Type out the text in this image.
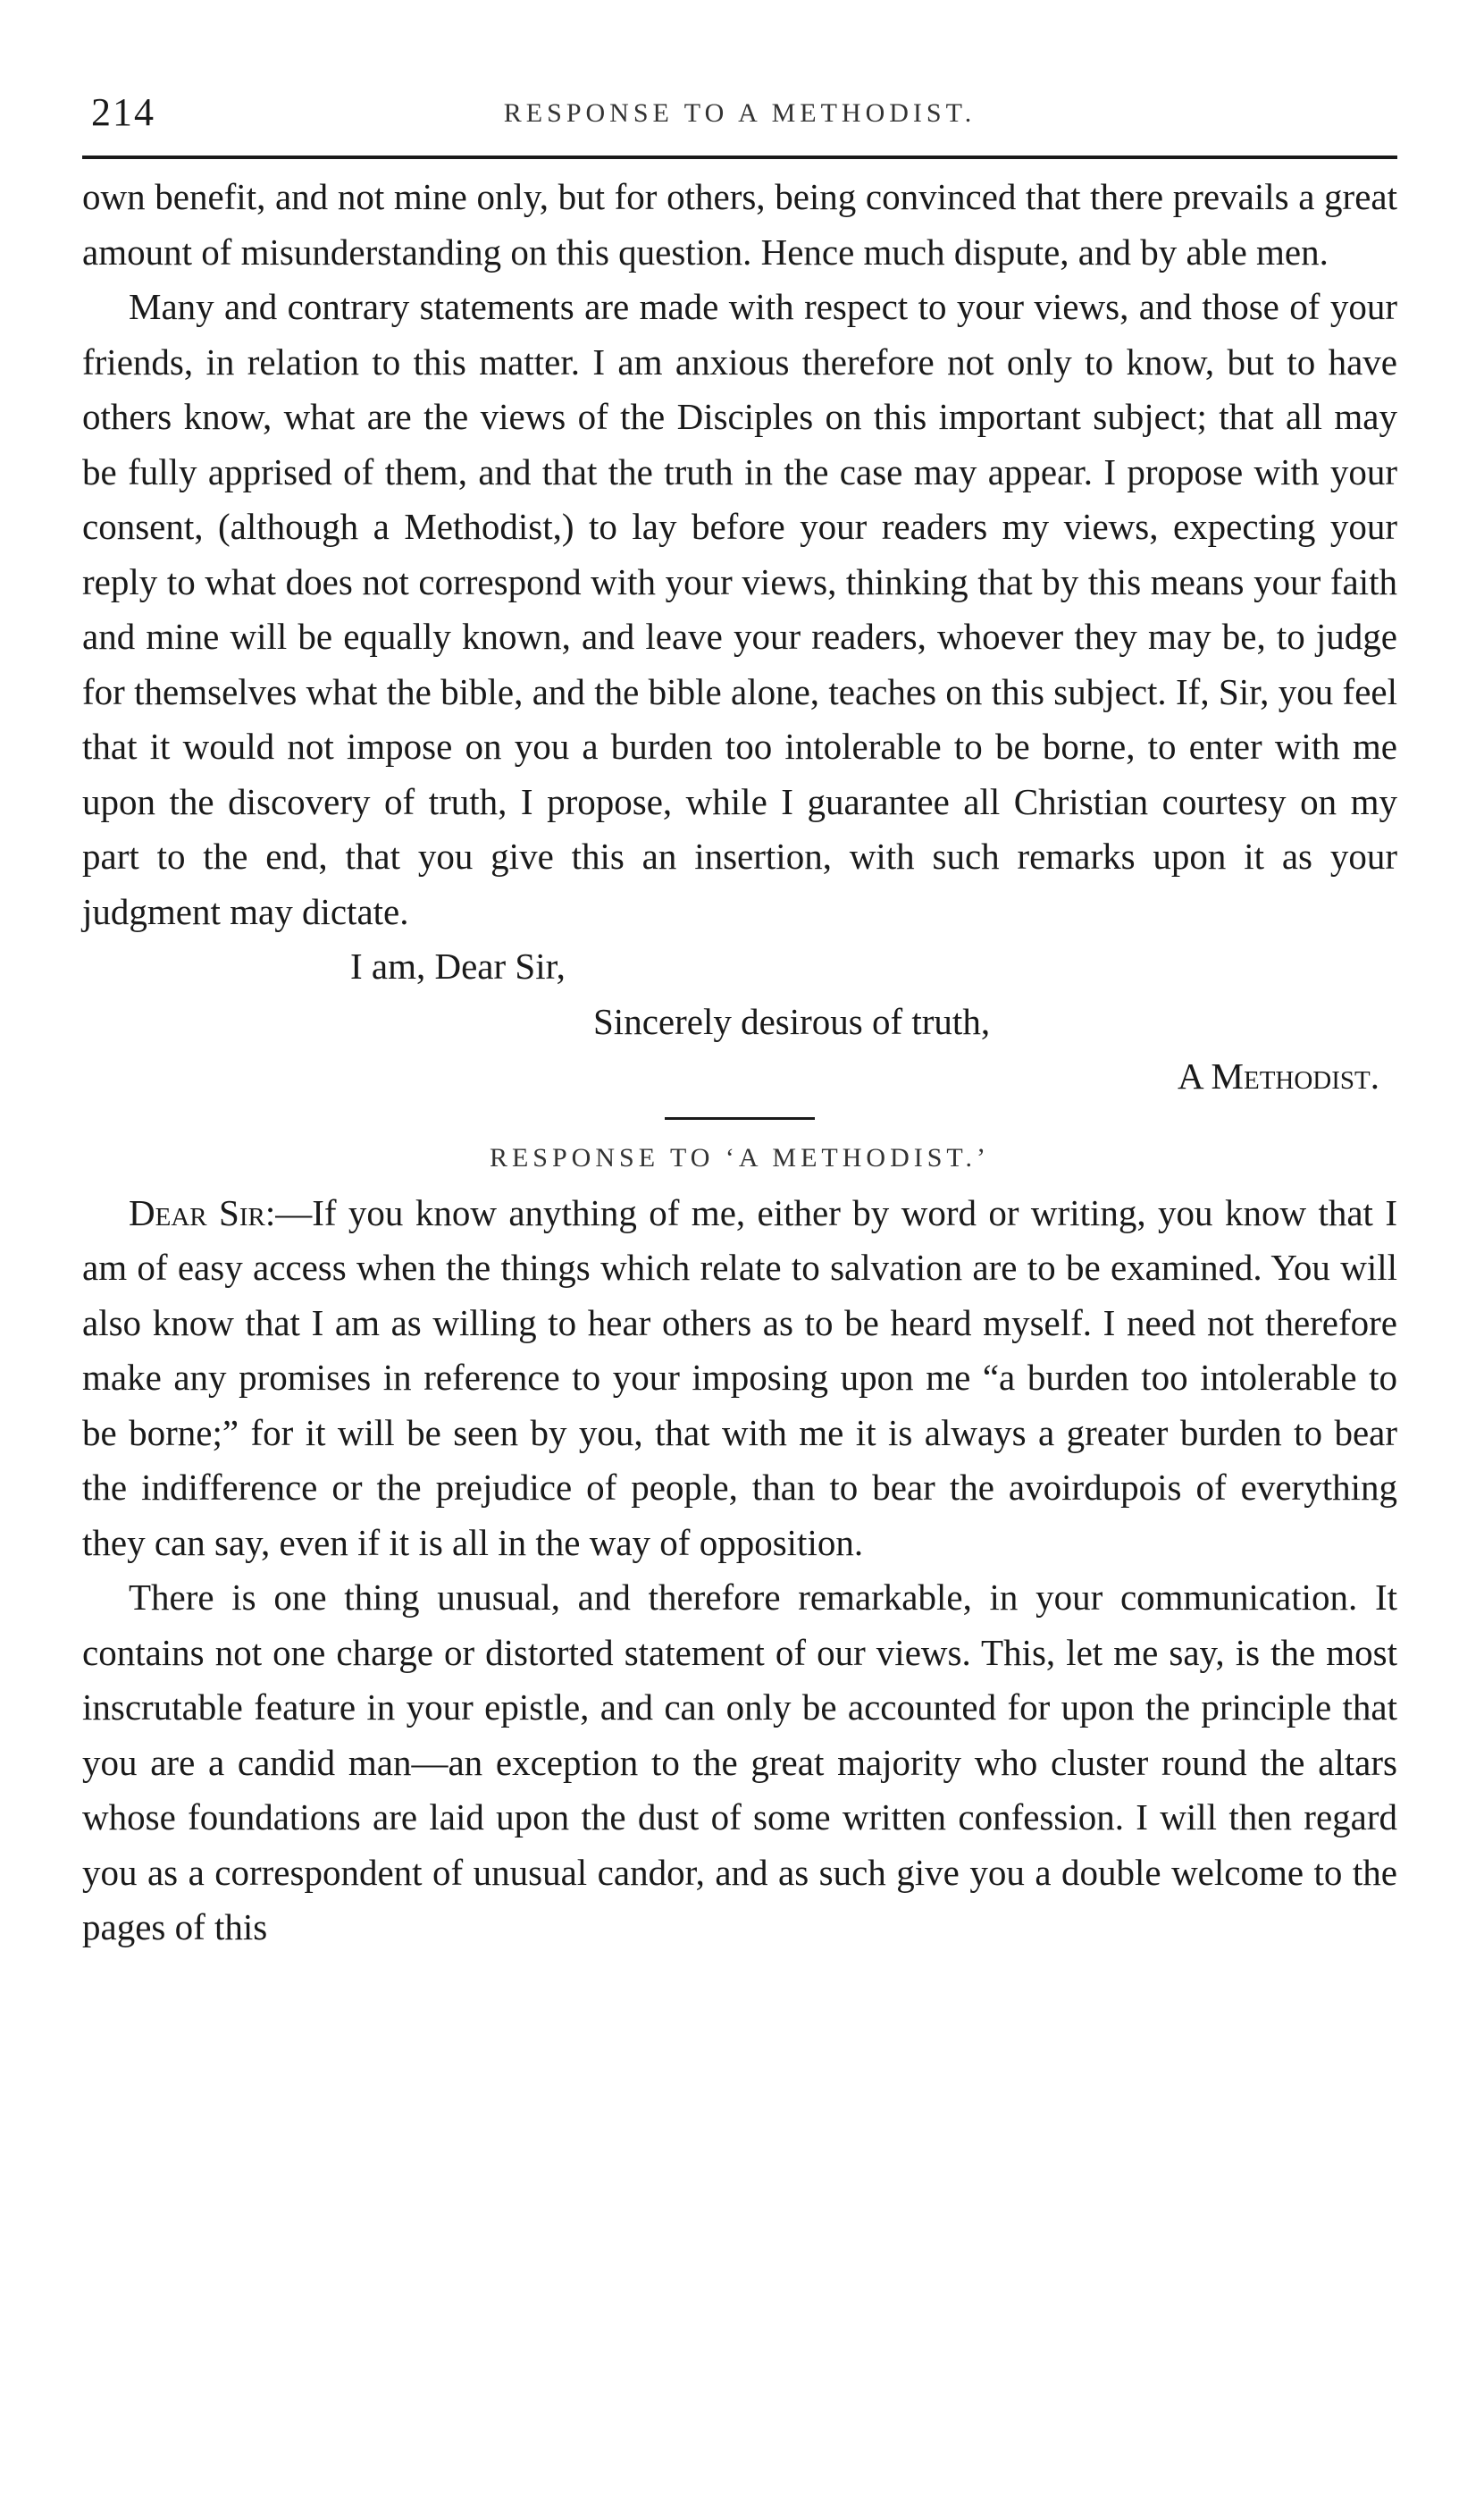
214	RESPONSE TO A METHODIST.

own benefit, and not mine only, but for others, being convinced that there prevails a great amount of misunderstanding on this question. Hence much dispute, and by able men.

Many and contrary statements are made with respect to your views, and those of your friends, in relation to this matter. I am anxious therefore not only to know, but to have others know, what are the views of the Disciples on this important subject; that all may be fully apprised of them, and that the truth in the case may appear. I propose with your consent, (although a Methodist,) to lay before your readers my views, expecting your reply to what does not correspond with your views, thinking that by this means your faith and mine will be equally known, and leave your readers, whoever they may be, to judge for themselves what the bible, and the bible alone, teaches on this subject. If, Sir, you feel that it would not impose on you a burden too intolerable to be borne, to enter with me upon the discovery of truth, I propose, while I guarantee all Christian courtesy on my part to the end, that you give this an insertion, with such remarks upon it as your judgment may dictate.

I am, Dear Sir,

Sincerely desirous of truth,

A Methodist.

RESPONSE TO ‘A METHODIST.’

Dear Sir:—If you know anything of me, either by word or writing, you know that I am of easy access when the things which relate to salvation are to be examined. You will also know that I am as willing to hear others as to be heard myself. I need not therefore make any promises in reference to your imposing upon me “a burden too intolerable to be borne;” for it will be seen by you, that with me it is always a greater burden to bear the indifference or the prejudice of people, than to bear the avoirdupois of everything they can say, even if it is all in the way of opposition.

There is one thing unusual, and therefore remarkable, in your communication. It contains not one charge or distorted statement of our views. This, let me say, is the most inscrutable feature in your epistle, and can only be accounted for upon the principle that you are a candid man—an exception to the great majority who cluster round the altars whose foundations are laid upon the dust of some written confession. I will then regard you as a correspondent of unusual candor, and as such give you a double welcome to the pages of this
